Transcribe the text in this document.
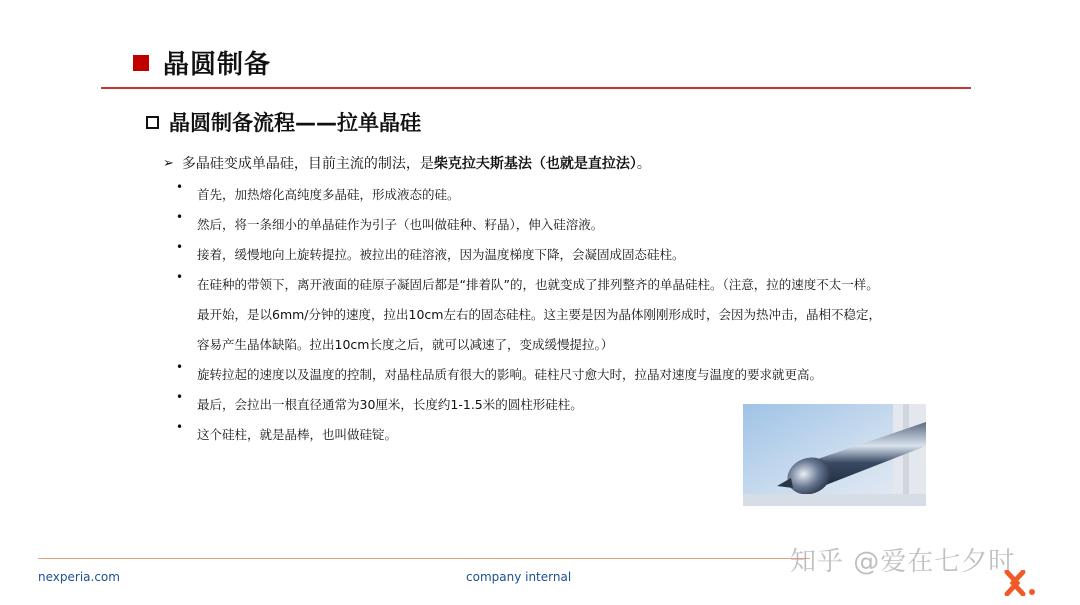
晶圆制备
晶圆制备流程——拉单晶硅
➢ 多晶硅变成单晶硅，目前主流的制法，是柴克拉夫斯基法（也就是直拉法）。
•	首先，加热熔化高纯度多晶硅，形成液态的硅。
•	然后，将一条细小的单晶硅作为引子（也叫做硅种、籽晶），伸入硅溶液。
•	接着，缓慢地向上旋转提拉。被拉出的硅溶液，因为温度梯度下降，会凝固成固态硅柱。
•	在硅种的带领下，离开液面的硅原子凝固后都是“排着队”的，也就变成了排列整齐的单晶硅柱。（注意，拉的速度不太一样。
最开始，是以6mm/分钟的速度，拉出10cm左右的固态硅柱。这主要是因为晶体刚刚形成时，会因为热冲击，晶相不稳定，
容易产生晶体缺陷。拉出10cm长度之后，就可以减速了，变成缓慢提拉。）
•	旋转拉起的速度以及温度的控制，对晶柱品质有很大的影响。硅柱尺寸愈大时，拉晶对速度与温度的要求就更高。
•	最后，会拉出一根直径通常为30厘米，长度约1-1.5米的圆柱形硅柱。
•	这个硅柱，就是晶棒，也叫做硅锭。
nexperia.com	company internal	知乎 @爱在七夕时
